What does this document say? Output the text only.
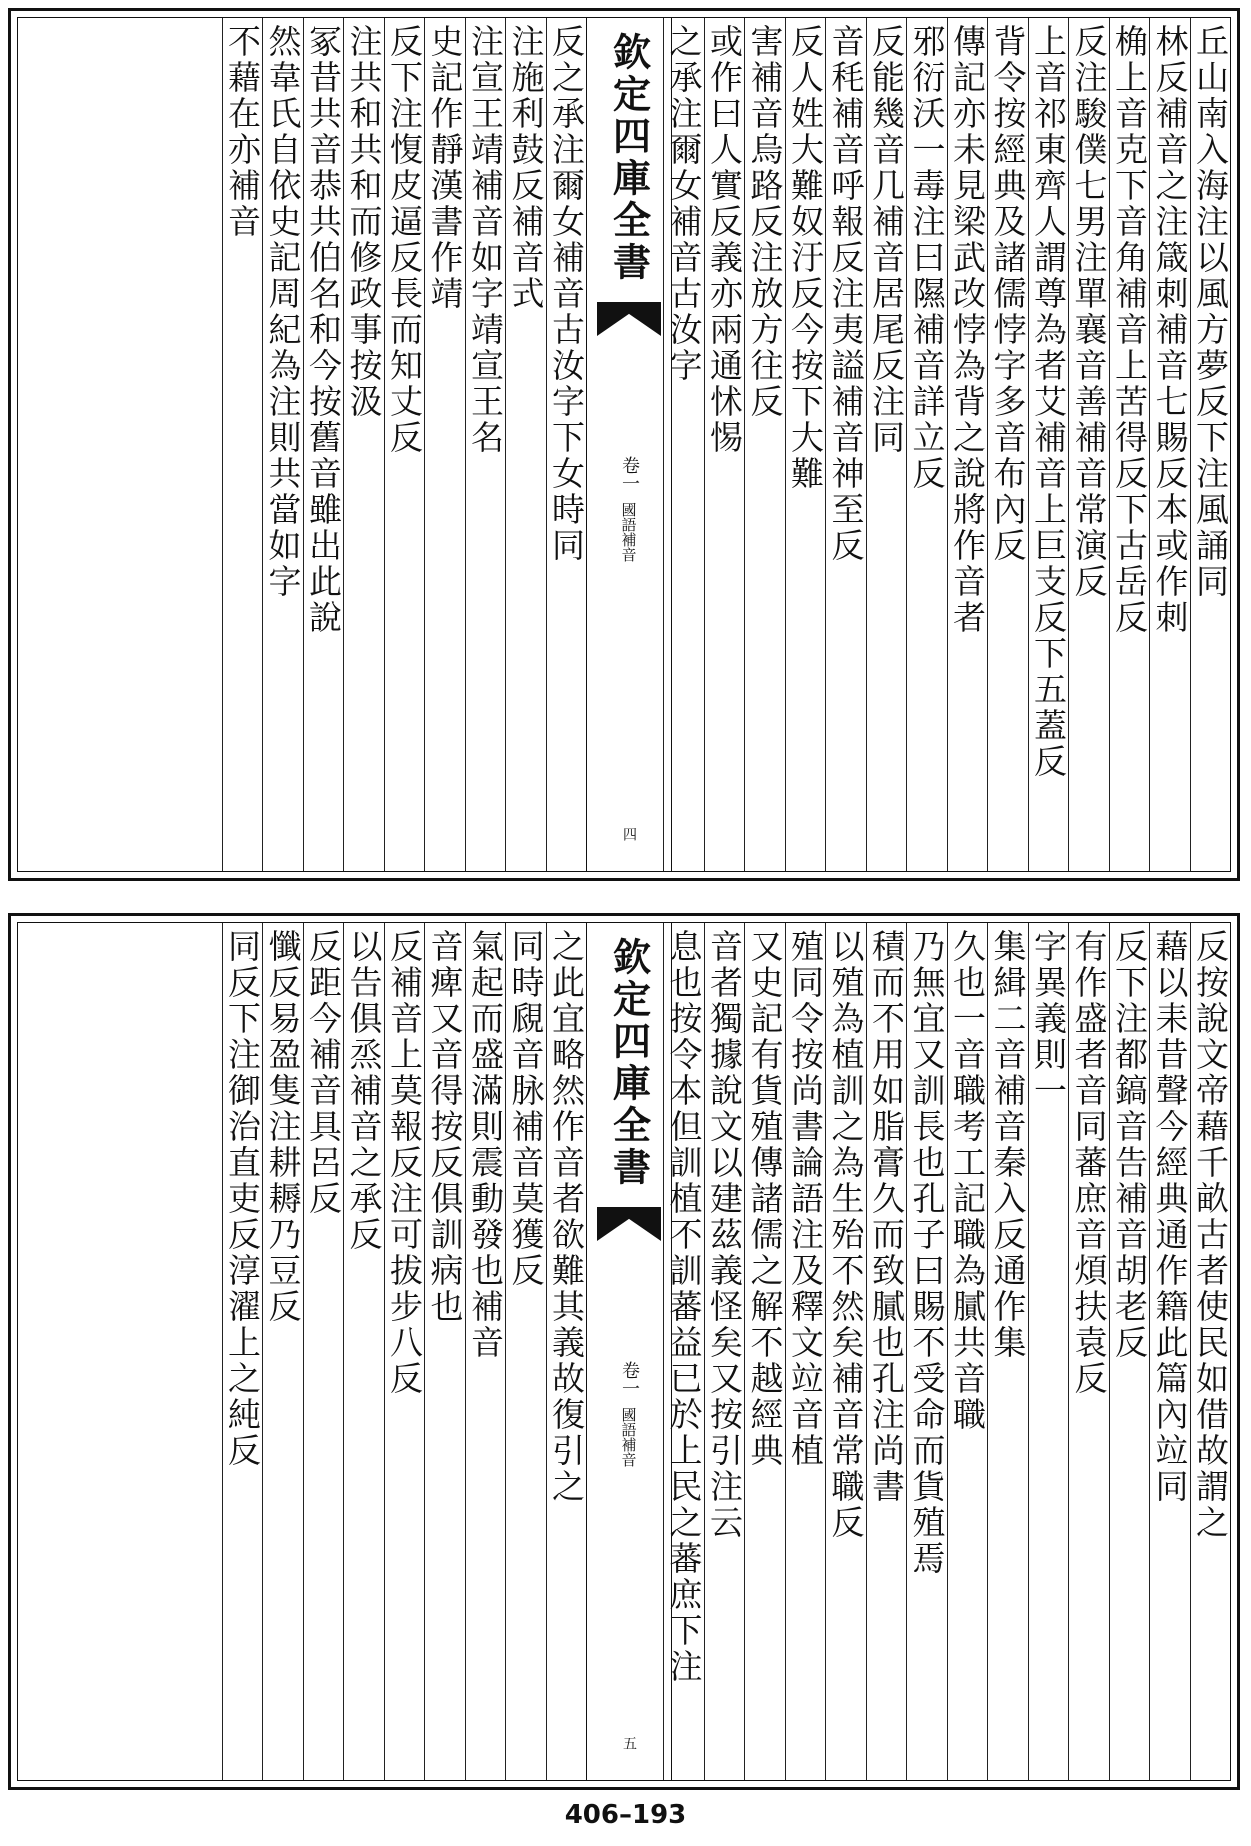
丘山南入海注以風方夢反下注風誦同
林反補音之注箴刺補音七賜反本或作刺
桷上音克下音角補音上苦得反下古岳反
反注駿僕七男注單襄音善補音常演反
上音祁東齊人謂尊為者艾補音上巨支反下五蓋反
背令按經典及諸儒悖字多音布內反
傳記亦未見梁武改悖為背之說將作音者
邪衍沃一毒注曰隰補音詳立反
反能幾音几補音居尾反注同
音秏補音呼報反注夷謚補音神至反
反人姓大難奴汙反今按下大難
害補音烏路反注放方往反
或作曰人實反義亦兩通怵惕
之承注爾女補音古汝字
欽定四庫全書
卷一
國語補音
四
反之承注爾女補音古汝字下女時同
注施利鼓反補音式
注宣王靖補音如字靖宣王名
史記作靜漢書作靖
反下注愎皮逼反長而知丈反
注共和共和而修政事按汲
冢昔共音恭共伯名和今按舊音雖出此說
然韋氏自依史記周紀為注則共當如字
不藉在亦補音
反按說文帝藉千畝古者使民如借故謂之
藉以耒昔聲今經典通作籍此篇內竝同
反下注都鎬音告補音胡老反
有作盛者音同蕃庶音煩扶袁反
字異義則一
集緝二音補音秦入反通作集
久也一音職考工記職為膩共音職
乃無宜又訓長也孔子曰賜不受命而貨殖焉
積而不用如脂膏久而致膩也孔注尚書
以殖為植訓之為生殆不然矣補音常職反
殖同令按尚書論語注及釋文竝音植
又史記有貨殖傳諸儒之解不越經典
音者獨據說文以建茲義怪矣又按引注云
息也按令本但訓植不訓蕃益已於上民之蕃庶下注
欽定四庫全書
卷一
國語補音
五
之此宜略然作音者欲難其義故復引之
同時覛音脉補音莫獲反
氣起而盛滿則震動發也補音
音痺又音得按反俱訓病也
反補音上莫報反注可拔步八反
以告俱烝補音之承反
反距今補音具呂反
懺反易盈隻注耕耨乃豆反
同反下注御治直吏反淳濯上之純反
406–193
